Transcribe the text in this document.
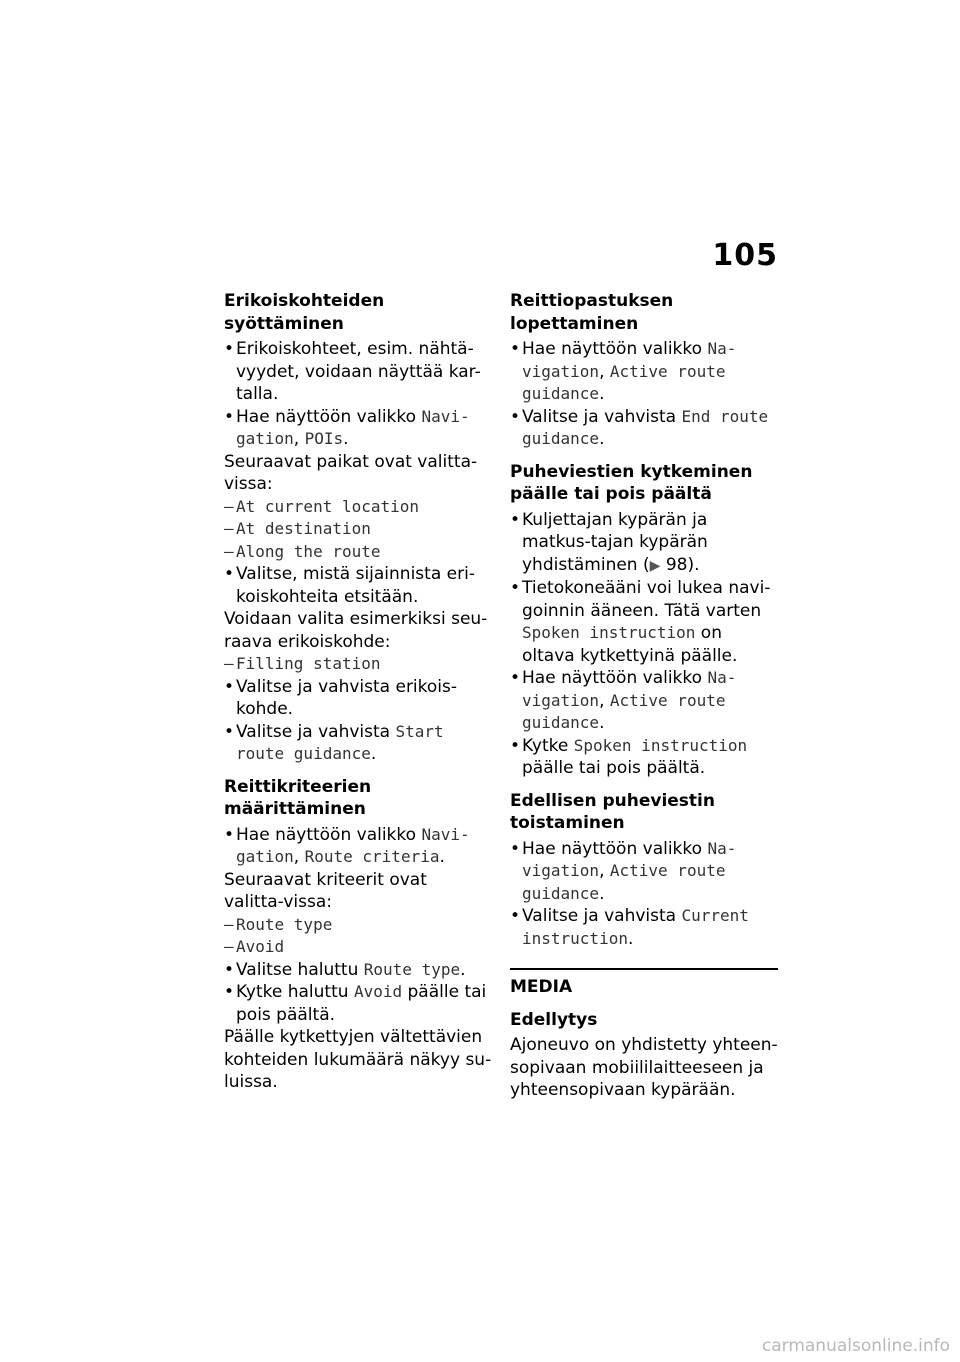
105
Erikoiskohteiden syöttäminen
• Erikoiskohteet, esim. nähtä-vyydet, voidaan näyttää kar-talla.
• Hae näyttöön valikko Navi-gation, POIs.

Seuraavat paikat ovat valitta-vissa:

– At current location
– At destination
– Along the route
• Valitse, mistä sijainnista eri-koiskohteita etsitään.

Voidaan valita esimerkiksi seu-raava erikoiskohde:

– Filling station
• Valitse ja vahvista erikois-kohde.
• Valitse ja vahvista Start route guidance.
Reittikriteerien määrittäminen
• Hae näyttöön valikko Navi-gation, Route criteria.

Seuraavat kriteerit ovat valitta-vissa:

– Route type
– Avoid
• Valitse haluttu Route type.
• Kytke haluttu Avoid päälle tai pois päältä.

Päälle kytkettyjen vältettävien kohteiden lukumäärä näkyy su-luissa.

Reittiopastuksen lopettaminen
• Hae näyttöön valikko Na-vigation, Active route guidance.
• Valitse ja vahvista End route guidance.
Puheviestien kytkeminen päälle tai pois päältä
• Kuljettajan kypärän ja matkus-tajan kypärän yhdistäminen (▶ 98).
• Tietokoneääni voi lukea navi-goinnin ääneen. Tätä varten Spoken instruction on oltava kytkettyinä päälle.
• Hae näyttöön valikko Na-vigation, Active route guidance.
• Kytke Spoken instruction päälle tai pois päältä.
Edellisen puheviestin toistaminen
• Hae näyttöön valikko Na-vigation, Active route guidance.
• Valitse ja vahvista Current instruction.
MEDIA
Edellytys

Ajoneuvo on yhdistetty yhteen-sopivaan mobiililaitteeseen ja yhteensopivaan kypärään.

carmanualsonline.info
